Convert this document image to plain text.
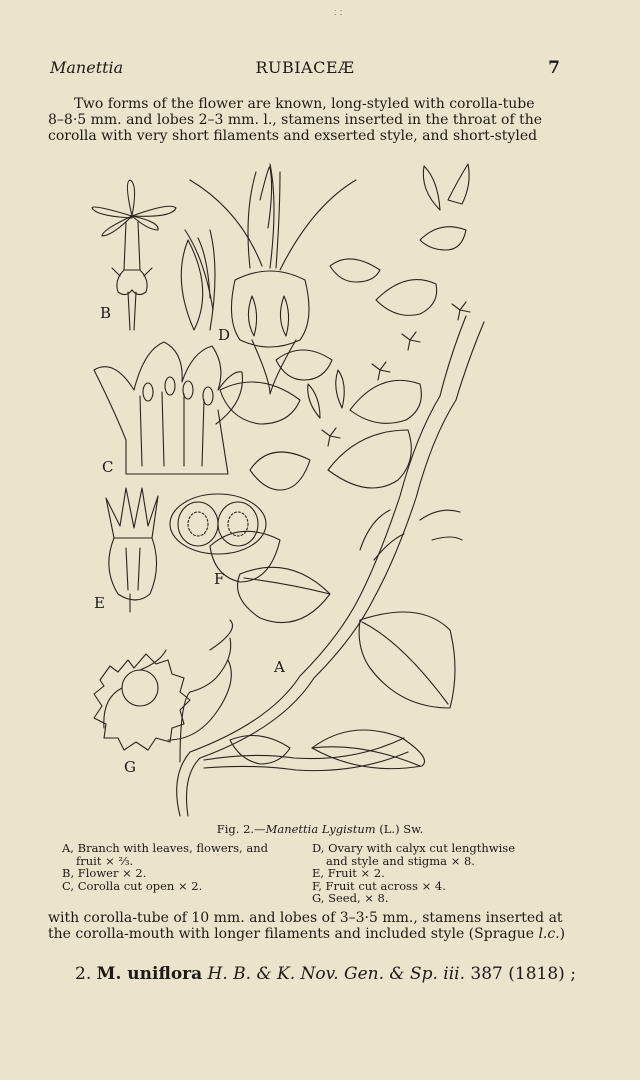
∶ ∶
Manettia	RUBIACEÆ	7
Two forms of the flower are known, long-styled with corolla-tube
8–8·5 mm. and lobes 2–3 mm. l., stamens inserted in the throat of the
corolla with very short filaments and exserted style, and short-styled
B
D
C
E
F
A
G
Fig. 2.—Manettia Lygistum (L.) Sw.
A, Branch with leaves, flowers, and
fruit × ⅔.
B, Flower × 2.
C, Corolla cut open × 2.
D, Ovary with calyx cut lengthwise
and style and stigma × 8.
E, Fruit × 2.
F, Fruit cut across × 4.
G, Seed, × 8.
with corolla-tube of 10 mm. and lobes of 3–3·5 mm., stamens inserted at
the corolla-mouth with longer filaments and included style (Sprague l.c.)
2. M. uniflora H. B. & K. Nov. Gen. & Sp. iii. 387 (1818) ;
